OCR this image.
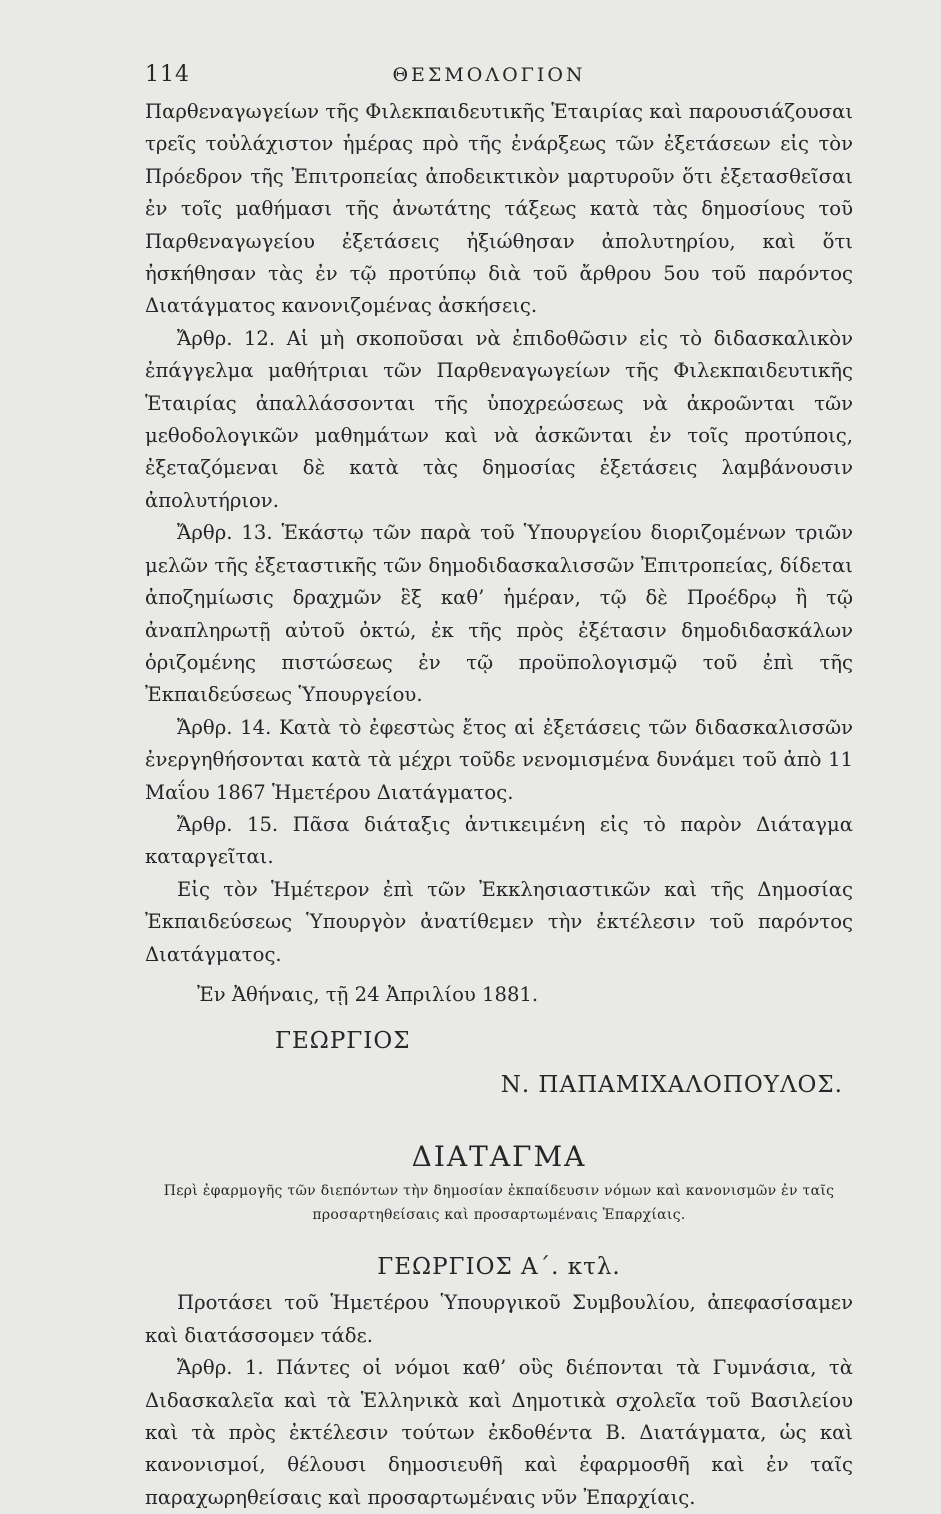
114	ΘΕΣΜΟΛΟΓΙΟΝ

Παρθεναγωγείων τῆς Φιλεκπαιδευτικῆς Ἑταιρίας καὶ παρουσιάζουσαι τρεῖς τοὐλάχιστον ἡμέρας πρὸ τῆς ἐνάρξεως τῶν ἐξετάσεων εἰς τὸν Πρόεδρον τῆς Ἐπιτροπείας ἀποδεικτικὸν μαρτυροῦν ὅτι ἐξετασθεῖσαι ἐν τοῖς μαθήμασι τῆς ἀνωτάτης τάξεως κατὰ τὰς δημοσίους τοῦ Παρθεναγωγείου ἐξετάσεις ἠξιώθησαν ἀπολυτηρίου, καὶ ὅτι ἠσκήθησαν τὰς ἐν τῷ προτύπῳ διὰ τοῦ ἄρθρου 5ου τοῦ παρόντος Διατάγματος κανονιζομένας ἀσκήσεις.

Ἄρθρ. 12. Αἱ μὴ σκοποῦσαι νὰ ἐπιδοθῶσιν εἰς τὸ διδασκαλικὸν ἐπάγγελμα μαθήτριαι τῶν Παρθεναγωγείων τῆς Φιλεκπαιδευτικῆς Ἑταιρίας ἀπαλλάσσονται τῆς ὑποχρεώσεως νὰ ἀκροῶνται τῶν μεθοδολογικῶν μαθημάτων καὶ νὰ ἀσκῶνται ἐν τοῖς προτύποις, ἐξεταζόμεναι δὲ κατὰ τὰς δημοσίας ἐξετάσεις λαμβάνουσιν ἀπολυτήριον.

Ἄρθρ. 13. Ἑκάστῳ τῶν παρὰ τοῦ Ὑπουργείου διοριζομένων τριῶν μελῶν τῆς ἐξεταστικῆς τῶν δημοδιδασκαλισσῶν Ἐπιτροπείας, δίδεται ἀποζημίωσις δραχμῶν ἓξ καθ’ ἡμέραν, τῷ δὲ Προέδρῳ ἢ τῷ ἀναπληρωτῇ αὐτοῦ ὀκτώ, ἐκ τῆς πρὸς ἐξέτασιν δημοδιδασκάλων ὁριζομένης πιστώσεως ἐν τῷ προϋπολογισμῷ τοῦ ἐπὶ τῆς Ἐκπαιδεύσεως Ὑπουργείου.

Ἄρθρ. 14. Κατὰ τὸ ἐφεστὼς ἔτος αἱ ἐξετάσεις τῶν διδασκαλισσῶν ἐνεργηθήσονται κατὰ τὰ μέχρι τοῦδε νενομισμένα δυνάμει τοῦ ἀπὸ 11 Μαΐου 1867 Ἡμετέρου Διατάγματος.

Ἄρθρ. 15. Πᾶσα διάταξις ἀντικειμένη εἰς τὸ παρὸν Διάταγμα καταργεῖται.

Εἰς τὸν Ἡμέτερον ἐπὶ τῶν Ἐκκλησιαστικῶν καὶ τῆς Δημοσίας Ἐκπαιδεύσεως Ὑπουργὸν ἀνατίθεμεν τὴν ἐκτέλεσιν τοῦ παρόντος Διατάγματος.

Ἐν Ἀθήναις, τῇ 24 Ἀπριλίου 1881.

ΓΕΩΡΓΙΟΣ
Ν. ΠΑΠΑΜΙΧΑΛΟΠΟΥΛΟΣ.
ΔΙΑΤΑΓΜΑ
Περὶ ἐφαρμογῆς τῶν διεπόντων τὴν δημοσίαν ἐκπαίδευσιν νόμων καὶ κανονισμῶν ἐν ταῖς προσαρτηθείσαις καὶ προσαρτωμέναις Ἐπαρχίαις.
ΓΕΩΡΓΙΟΣ Α΄. κτλ.

Προτάσει τοῦ Ἡμετέρου Ὑπουργικοῦ Συμβουλίου, ἀπεφασίσαμεν καὶ διατάσσομεν τάδε.

Ἄρθρ. 1. Πάντες οἱ νόμοι καθ’ οὓς διέπονται τὰ Γυμνάσια, τὰ Διδασκαλεῖα καὶ τὰ Ἑλληνικὰ καὶ Δημοτικὰ σχολεῖα τοῦ Βασιλείου καὶ τὰ πρὸς ἐκτέλεσιν τούτων ἐκδοθέντα Β. Διατάγματα, ὡς καὶ κανονισμοί, θέλουσι δημοσιευθῆ καὶ ἐφαρμοσθῆ καὶ ἐν ταῖς παραχωρηθείσαις καὶ προσαρτωμέναις νῦν Ἐπαρχίαις.
